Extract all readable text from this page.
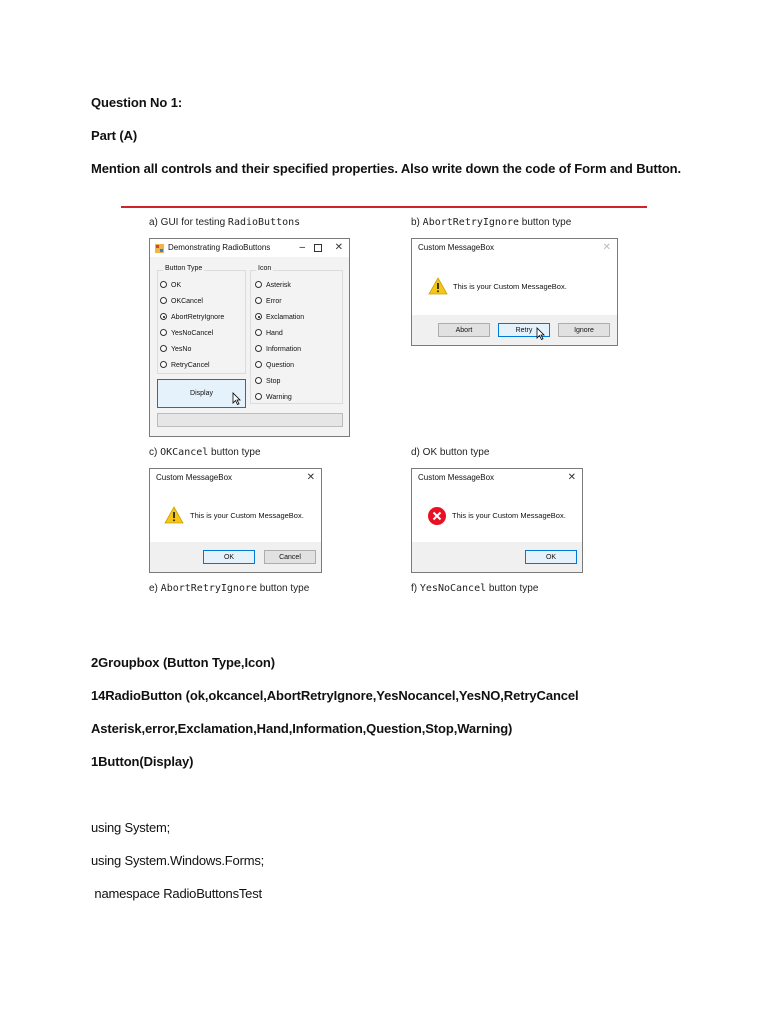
Question No 1:
Part (A)
Mention all controls and their specified properties. Also write down the code of Form and Button.
a) GUI for testing RadioButtons	b) AbortRetryIgnore button type
Demonstrating RadioButtons	–	✕
Button Type	Icon
OK
OKCancel
AbortRetryIgnore
YesNoCancel
YesNo
RetryCancel
Asterisk
Error
Exclamation
Hand
Information
Question
Stop
Warning
Display
Custom MessageBox	✕
This is your Custom MessageBox.
Abort	Retry	Ignore
c) OKCancel button type	d) OK button type
Custom MessageBox	✕
This is your Custom MessageBox.
OK	Cancel
Custom MessageBox	✕
This is your Custom MessageBox.
OK
e) AbortRetryIgnore button type	f) YesNoCancel button type
2Groupbox (Button Type,Icon)
14RadioButton (ok,okcancel,AbortRetryIgnore,YesNocancel,YesNO,RetryCancel
Asterisk,error,Exclamation,Hand,Information,Question,Stop,Warning)
1Button(Display)
using System;
using System.Windows.Forms;
namespace RadioButtonsTest
